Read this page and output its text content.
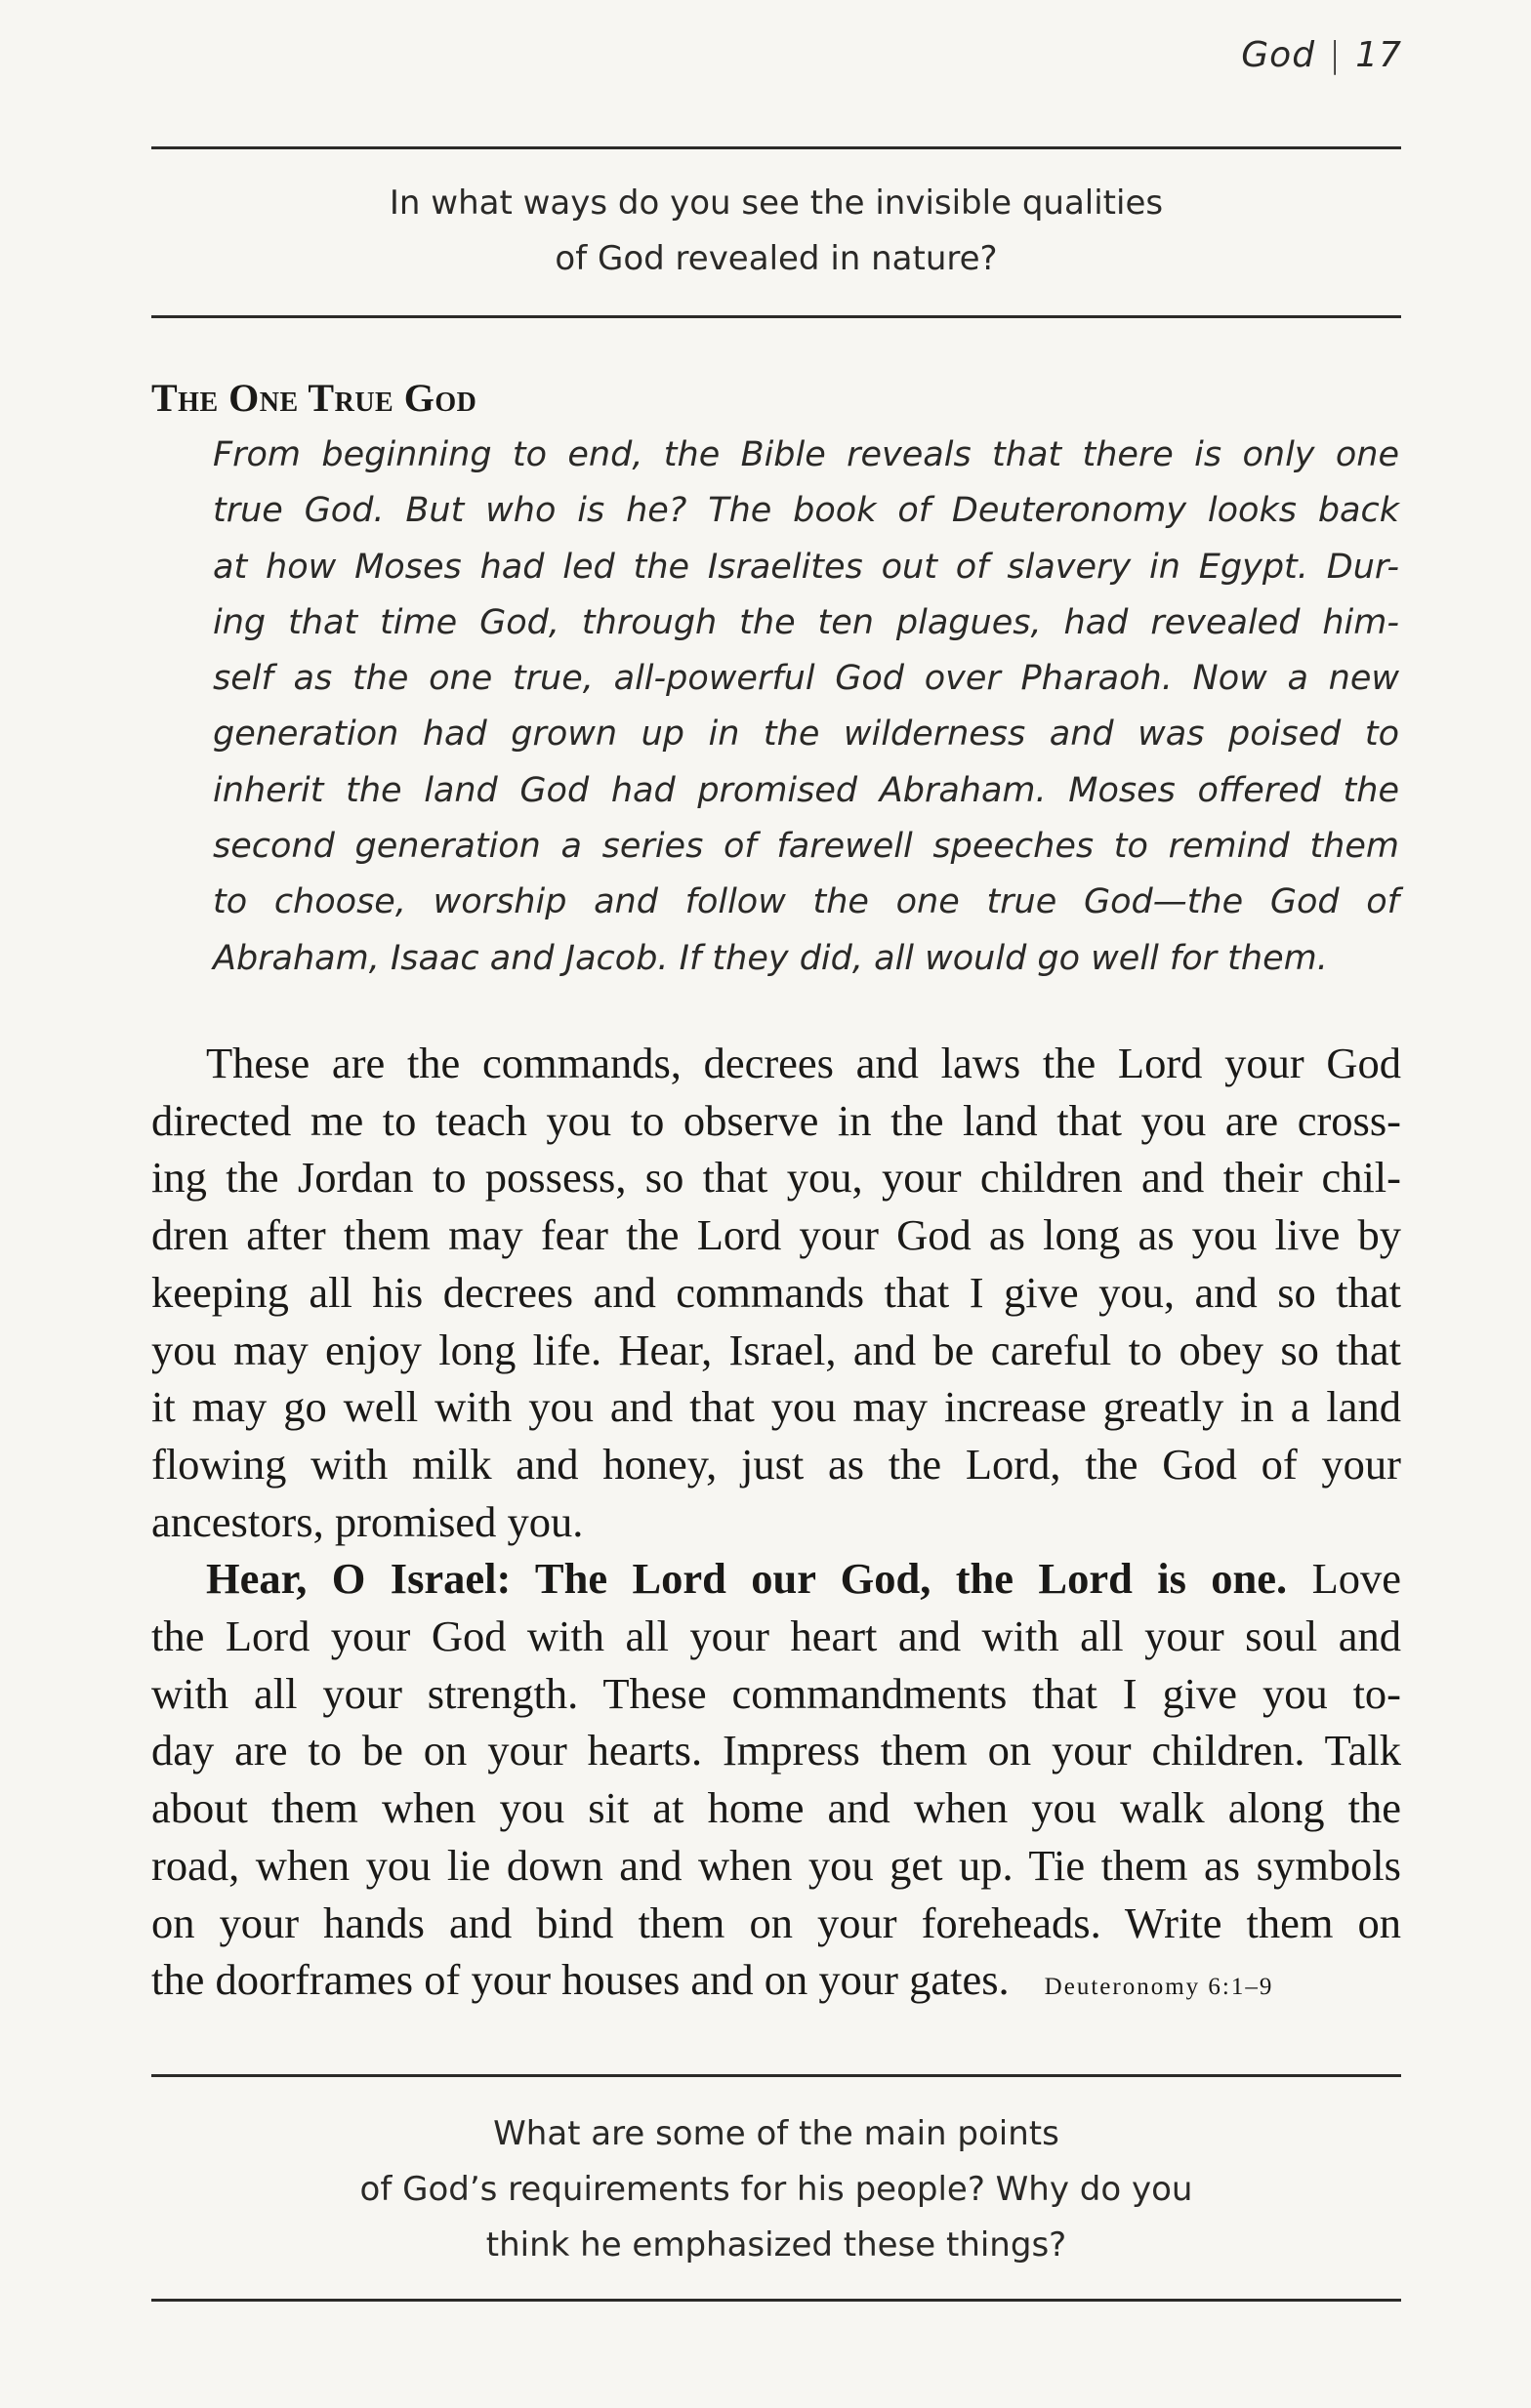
God | 17
In what ways do you see the invisible qualities
of God revealed in nature?
The One True God
From beginning to end, the Bible reveals that there is only one
true God. But who is he? The book of Deuteronomy looks back
at how Moses had led the Israelites out of slavery in Egypt. Dur-
ing that time God, through the ten plagues, had revealed him-
self as the one true, all-powerful God over Pharaoh. Now a new
generation had grown up in the wilderness and was poised to
inherit the land God had promised Abraham. Moses offered the
second generation a series of farewell speeches to remind them
to choose, worship and follow the one true God—the God of
Abraham, Isaac and Jacob. If they did, all would go well for them.
These are the commands, decrees and laws the Lord your God
directed me to teach you to observe in the land that you are cross-
ing the Jordan to possess, so that you, your children and their chil-
dren after them may fear the Lord your God as long as you live by
keeping all his decrees and commands that I give you, and so that
you may enjoy long life. Hear, Israel, and be careful to obey so that
it may go well with you and that you may increase greatly in a land
flowing with milk and honey, just as the Lord, the God of your
ancestors, promised you.
Hear, O Israel: The Lord our God, the Lord is one. Love
the Lord your God with all your heart and with all your soul and
with all your strength. These commandments that I give you to-
day are to be on your hearts. Impress them on your children. Talk
about them when you sit at home and when you walk along the
road, when you lie down and when you get up. Tie them as symbols
on your hands and bind them on your foreheads. Write them on
the doorframes of your houses and on your gates. Deuteronomy 6:1–9
What are some of the main points
of God’s requirements for his people? Why do you
think he emphasized these things?
